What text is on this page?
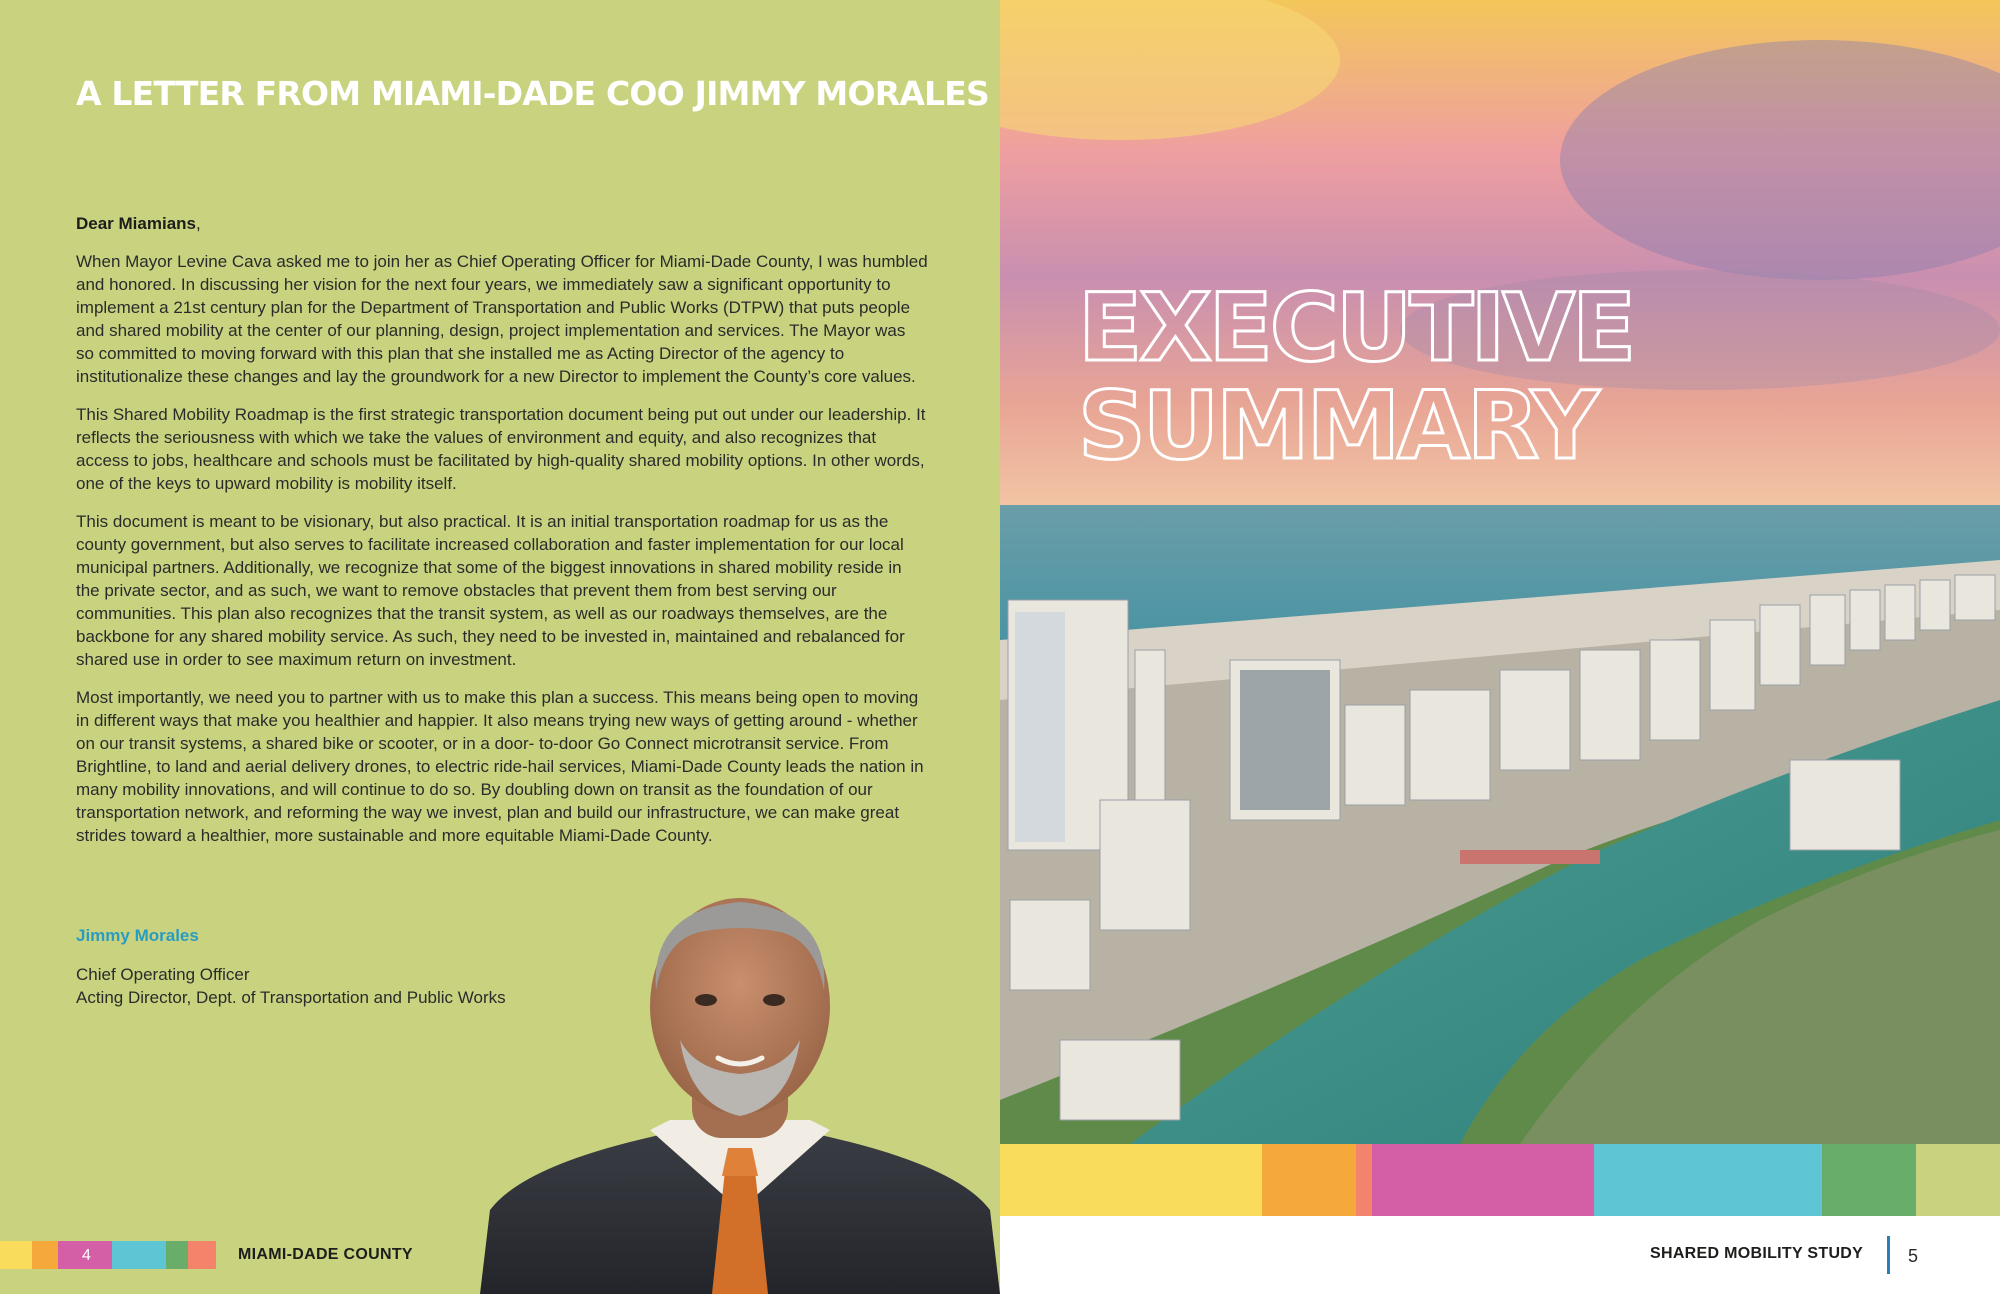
A LETTER FROM MIAMI-DADE COO JIMMY MORALES

Dear Miamians,

When Mayor Levine Cava asked me to join her as Chief Operating Officer for Miami-Dade County, I was humbled and honored. In discussing her vision for the next four years, we immediately saw a significant opportunity to implement a 21st century plan for the Department of Transportation and Public Works (DTPW) that puts people and shared mobility at the center of our planning, design, project implementation and services. The Mayor was so committed to moving forward with this plan that she installed me as Acting Director of the agency to institutionalize these changes and lay the groundwork for a new Director to implement the County’s core values.

This Shared Mobility Roadmap is the first strategic transportation document being put out under our leadership. It reflects the seriousness with which we take the values of environment and equity, and also recognizes that access to jobs, healthcare and schools must be facilitated by high-quality shared mobility options. In other words, one of the keys to upward mobility is mobility itself.

This document is meant to be visionary, but also practical. It is an initial transportation roadmap for us as the county government, but also serves to facilitate increased collaboration and faster implementation for our local municipal partners. Additionally, we recognize that some of the biggest innovations in shared mobility reside in the private sector, and as such, we want to remove obstacles that prevent them from best serving our communities. This plan also recognizes that the transit system, as well as our roadways themselves, are the backbone for any shared mobility service. As such, they need to be invested in, maintained and rebalanced for shared use in order to see maximum return on investment.

Most importantly, we need you to partner with us to make this plan a success. This means being open to moving in different ways that make you healthier and happier. It also means trying new ways of getting around - whether on our transit systems, a shared bike or scooter, or in a door- to-door Go Connect microtransit service. From Brightline, to land and aerial delivery drones, to electric ride-hail services, Miami-Dade County leads the nation in many mobility innovations, and will continue to do so. By doubling down on transit as the foundation of our transportation network, and reforming the way we invest, plan and build our infrastructure, we can make great strides toward a healthier, more sustainable and more equitable Miami-Dade County.

Jimmy Morales

Chief Operating Officer
Acting Director, Dept. of Transportation and Public Works

4	MIAMI-DADE COUNTY
EXECUTIVE
SUMMARY
SHARED MOBILITY STUDY 5
